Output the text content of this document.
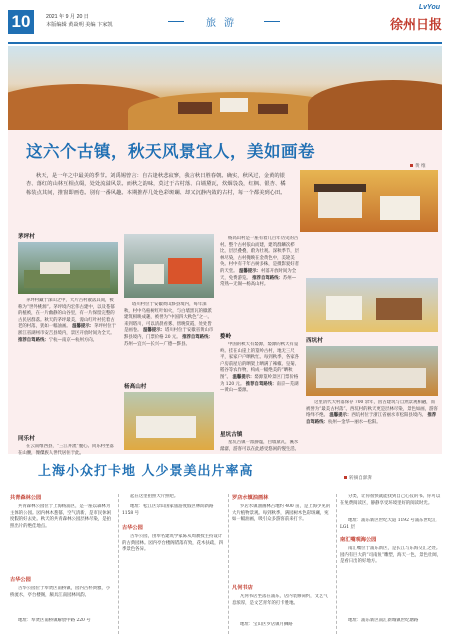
10	2021 年 9 月 20 日
本版编辑 黄焱明 美编 卞家凯	旅游
LvYou
徐州日报
这六个古镇，秋天风景宜人，美如画卷
黄 维
秋天，是一年之中最美的季节。刘禹锡曾言：自古逢秋悲寂寥，我言秋日胜春朝。确实，秋风过，金黄的银杏、落红的山林互相点缀，处处流溢风景。而秋之韵味，莫过于古村落、白墙黛瓦，炊烟袅袅，红枫、银杏、橘栋装点其间，推窗即画卷。别有一番风趣。本期推荐几处色彩斑斓、却又沉静内敛的古村，每一个都美到心田。
茅坪村
茅坪村藏于深山之中，大片古村散落其间，被称为“世外桃源”。茅坪境内宏伟古建中，以及苍郁的植被，在一片幽静的山谷里，有一片保留完整的古民居群落。秋天的茅坪最美，漫山红叶衬托着古老的村落，犹如一幅油画。 温馨提示：茅坪村位于浙江省湖州市安吉县境内，景区开放时间为全天。 推荐自驾路线：宁杭—南京—杭州方向。
同乐村
在云南维西县，“三江并流”腹心。同乐村坐落在山腰，傈僳族人世代居住于此。
塔川村位于安徽黄山黟县境内，每年深秋，村中乌桕树红叶如火，与白墙黑瓦的徽派建筑相映成趣，被誉为“中国四大秋色”之一。来到塔川，可以清晨看雾、傍晚赏霞，处处皆是画卷。 温馨提示：塔川村位于安徽省黄山市黟县境内，门票价格 20 元。 推荐自驾路线：苏州—宜兴—长兴—广德—黟县。
杨高山村
杨高山村是一座有着几百年历史的古村。整个古村依山而建，建筑群鳞次栉比，层层叠叠，蔚为壮观。深秋季节，层林尽染，古村掩映在金黄色中，美轮美奂。村中有千年古树多株，是摄影爱好者的天堂。 温馨提示：村落开放时间为全天，免费游览。 推荐自驾路线：苏州—常熟—无锡—杨高山村。
婺岭
中国的秋天有婺源，婺源的秋天有篁岭。挂在山崖上的篁岭古村，地无三尺平，家家户户晒秋忙。每到秋季，各家各户房前屋后的晒架上晒满了辣椒、皇菊、稻谷等农作物，构成一幅绝美的“晒秋图”。 温馨提示：婺源篁岭景区门票价格为 120 元。 推荐自驾路线：南京—芜湖—黄山—婺源。
星坑古镇
星坑古镇一派静谧，白墙黛瓦，溪水潺潺，游客可以在此感受悠闲的慢生活。
西坑村
这里清代大村落保存 700 余年，因古建筑与自然景观相融，而被誉为“最美古村落”。西坑村的秋天更是层林尽染，景色如画，游客络绎不绝。 温馨提示：西坑村位于浙江省丽水市松阳县境内。 推荐自驾路线：杭州—金华—丽水—松阳。
上海小众打卡地 人少景美出片率高	转摘自澎湃
共青森林公园
共青森林公园位于上海杨浦区，是一座以森林为主体的公园。园内林木葱郁，空气清新，是市民休闲度假的好去处。秋天的共青森林公园层林尽染，是拍照出片的绝佳地点。
古华公园
古华公园位于奉贤区南桥镇，园内古朴典雅，小桥流水，亭台楼阁，颇具江南园林风韵。
地址：奉贤区南桥镇解放中路 220 号
起在这里拍照大片照吧。
地址：松江区佘山国家旅游度假区林荫新路 1158 号
古华公园
古华公园，由奉名建筑学家陈从周教授主持设计的古典园林。园内亭台楼阁错落有致，花木扶疏，四季景色各异。
罗店水镇油画林
罗店水镇油画林占地约 400 亩，是上海少见的大片植物景观。每到秋季，满园树木色彩斑斓，宛如一幅油画，吸引众多游客前来打卡。
凡何书店
凡何书店坐落在浦东，店内装修简约，文艺气息浓厚，是文艺青年的打卡胜地。
地址：宝山区罗店镇月狮路
分类，让你很快就能找到自己心仪的书。你可以在免费阅读区，静静享受环境里好的阅读时光。
地址：浦东新区世纪大道 1192 号浦东世纪汇 LG1 层
南汇嘴观海公园
南汇嘴位于浦东新区，是长江与东海交汇之处。园内有巨大的“司南鱼”雕塑，海天一色，景色壮阔，是看日出的好地方。
地址：浦东新区南汇新城镇世纪塘路
